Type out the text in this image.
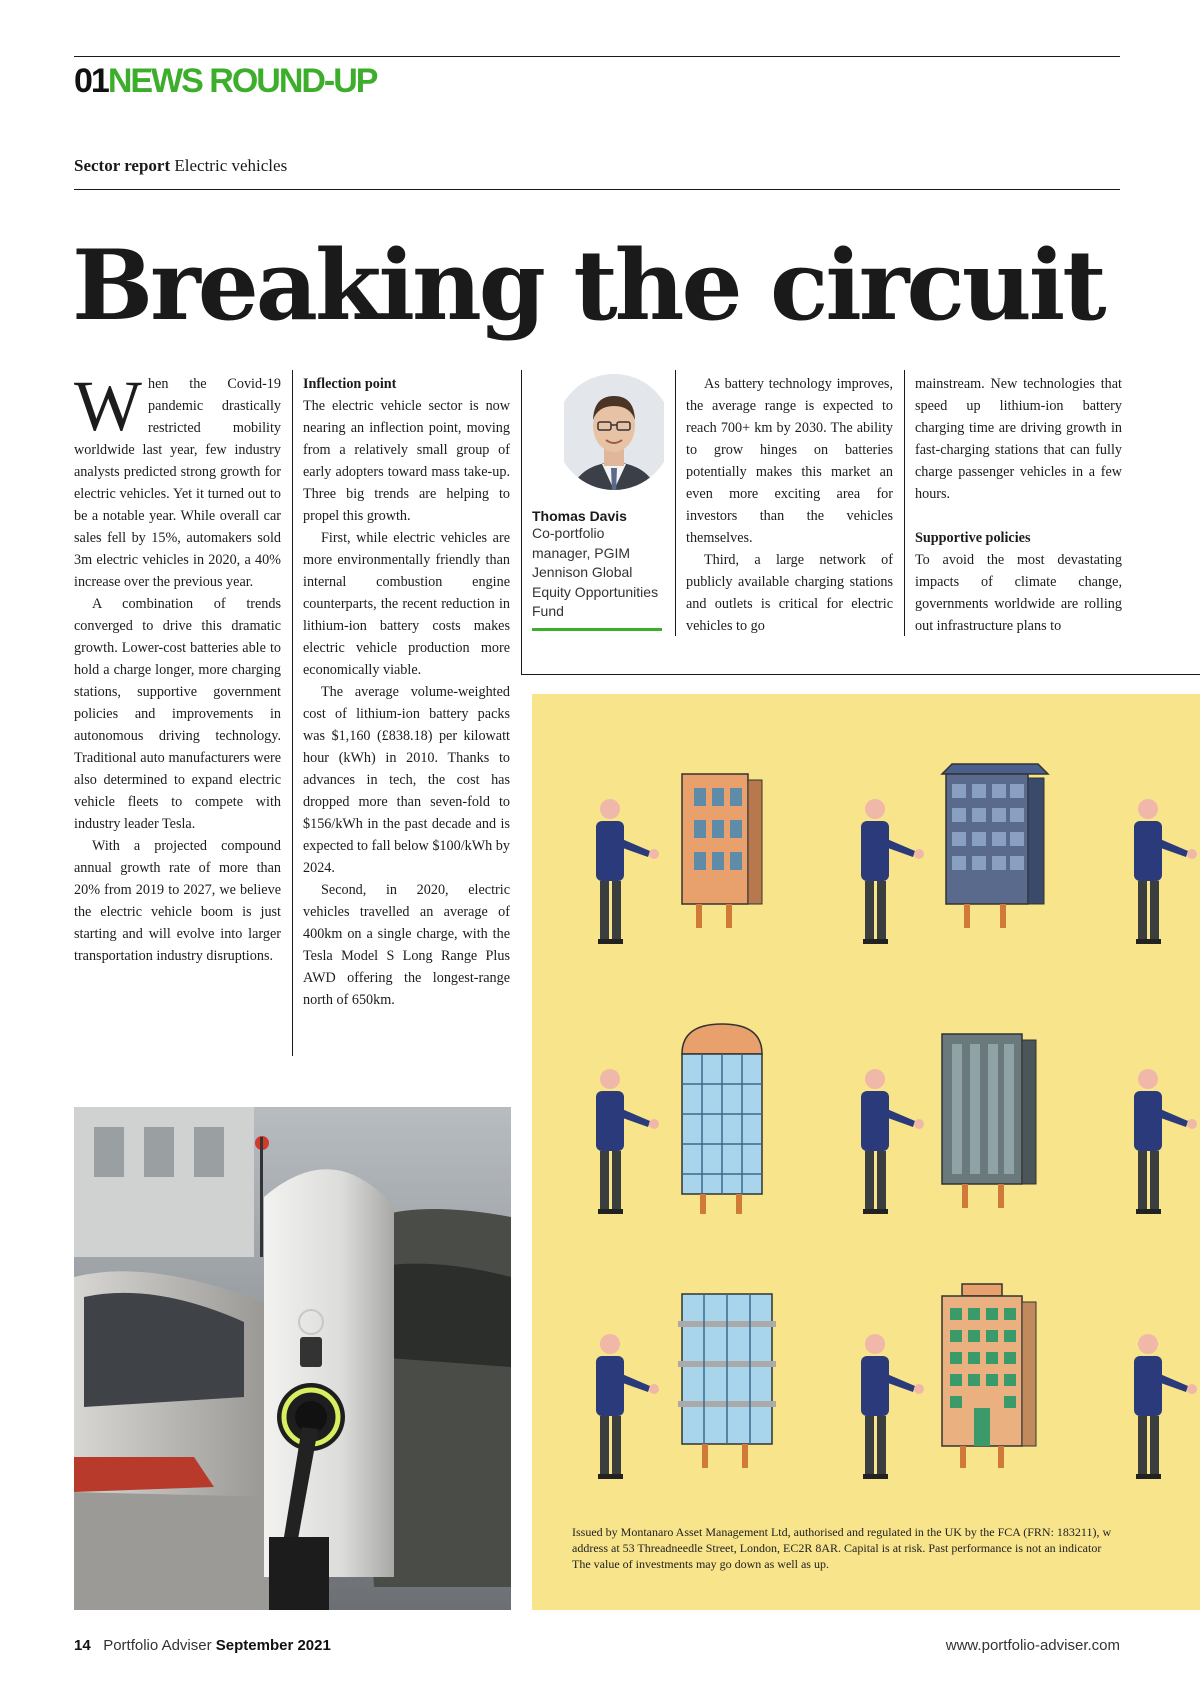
01NEWS ROUND-UP
Sector report Electric vehicles
Breaking the circuit
W hen the Covid-19 pandemic drastically restricted mobility worldwide last year, few industry analysts predicted strong growth for electric vehicles. Yet it turned out to be a notable year. While overall car sales fell by 15%, automakers sold 3m electric vehicles in 2020, a 40% increase over the previous year.

A combination of trends converged to drive this dramatic growth. Lower-cost batteries able to hold a charge longer, more charging stations, supportive government policies and improvements in autonomous driving technology. Traditional auto manufacturers were also determined to expand electric vehicle fleets to compete with industry leader Tesla.

With a projected compound annual growth rate of more than 20% from 2019 to 2027, we believe the electric vehicle boom is just starting and will evolve into larger transportation industry disruptions.

Inflection point

The electric vehicle sector is now nearing an inflection point, moving from a relatively small group of early adopters toward mass take-up. Three big trends are helping to propel this growth.

First, while electric vehicles are more environmentally friendly than internal combustion engine counterparts, the recent reduction in lithium-ion battery costs makes electric vehicle production more economically viable.

The average volume-weighted cost of lithium-ion battery packs was $1,160 (£838.18) per kilowatt hour (kWh) in 2010. Thanks to advances in tech, the cost has dropped more than seven-fold to $156/kWh in the past decade and is expected to fall below $100/kWh by 2024.

Second, in 2020, electric vehicles travelled an average of 400km on a single charge, with the Tesla Model S Long Range Plus AWD offering the longest-range north of 650km.

Thomas Davis
Co-portfolio manager, PGIM Jennison Global Equity Opportunities Fund

As battery technology improves, the average range is expected to reach 700+ km by 2030. The ability to grow hinges on batteries potentially makes this market an even more exciting area for investors than the vehicles themselves.

Third, a large network of publicly available charging stations and outlets is critical for electric vehicles to go

mainstream. New technologies that speed up lithium-ion battery charging time are driving growth in fast-charging stations that can fully charge passenger vehicles in a few hours.

Supportive policies

To avoid the most devastating impacts of climate change, governments worldwide are rolling out infrastructure plans to

Issued by Montanaro Asset Management Ltd, authorised and regulated in the UK by the FCA (FRN: 183211), w
address at 53 Threadneedle Street, London, EC2R 8AR. Capital is at risk. Past performance is not an indicator
The value of investments may go down as well as up.
14 Portfolio Adviser September 2021	www.portfolio-adviser.com
